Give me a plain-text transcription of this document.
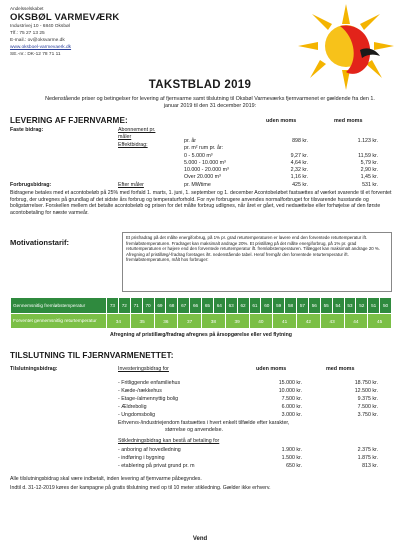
Andelsselskabet
OKSBØL VARMEVÆRK
Industrivej 10 - 6840 Oksbøl
Tlf.: 75 27 13 25
E-mail.: ov@oksvarme.dk
www.oksboel-varmevaerk.dk
SE.-nr.: DK-12 78 71 11
TAKSTBLAD 2019
Nedenstående priser og betingelser for levering af fjernvarme samt tilslutning til Oksbøl Varmeværks fjernvarmenet er gældende fra den 1. januar 2019 til den 31 december 2019:
LEVERING AF FJERNVARME:	uden moms	med moms
Faste bidrag:	Abonnement pr.
måler
pr. år	898 kr.	1.123 kr.
Effektbidrag:	pr. m² rum pr. år:
0 - 5.000 m³	9,27 kr.	11,59 kr.
5.000 - 10.000 m³	4,64 kr.	5,79 kr.
10.000 - 20.000 m³	2,32 kr.	2,90 kr.
Over 20.000 m³	1,16 kr.	1,45 kr.
Forbrugsbidrag:	Efter måler	pr. MWtime	425 kr.	531 kr.
Bidragene betales med et acontobeløb på 25% med forfald 1. marts, 1. juni, 1. september og 1. december Acontobeløbet fastsættes af værket svarende til et forventet forbrug, der udregnes på grundlag af det sidste års forbrug og temperaturforhold. For nye forbrugere anvendes normalforbruget for tilsvarende husstande og boligstørrelser. Forskellen mellem det betalte acontobeløb og prisen for det målte forbrug udlignes, når året er gået, ved nedsættelse eller forhøjelse af den første acontobetaling for næste varmeår.
Motivationstarif:
Et prisfradrag på det målte energiforbrug, på 1% pr. grad returtemperaturen er lavere end den forventede returtemperatur ift. fremløbstemperaturen. Fradraget kan maksimalt andrage 20%. Et pristillæg på det målte energiforbrug, på 1% pr. grad returtemperaturen er højere end den forventede returtemperatur ift. fremløbstemperaturen. Tillægget kan maksimalt andrage 20 %. Afregning af pristillæg/-fradrag foretages iht. nedenstående tabel. Heraf fremgår den forventede returtemperatur ift. fremløbstemperaturen, målt hos forbruger:
Gennemsnitlig fremløbstemperatur	73	72	71	70	69	68	67	66	65	64	63	62	61	60	59	58	57	56	55	54	53	52	51	50
Forventet gennemsnitlig returtemperatur	34		35		36		37		38		39		40		41		42		43		44		45	
Afregning af pristillæg/fradrag afregnes på årsopgørelse eller ved flytning
TILSLUTNING TIL FJERNVARMENETTET:
Tilslutningsbidrag:	Investeringsbidrag for	uden moms	med moms
- Fritliggende enfamiliehus	15.000 kr.	18.750 kr.
- Kæde-/rækkehus	10.000 kr.	12.500 kr.
- Etage-/almennyttig bolig	7.500 kr.	9.375 kr.
- Ældrebolig	6.000 kr.	7.500 kr.
- Ungdomsbolig	3.000 kr.	3.750 kr.
Erhvervs-/industriejendom fastsættes i hvert enkelt tilfælde efter karakter,
størrelse og anvendelse.
Stikledningsbidrag kan bestå af betaling for
- anboring af hovedledning	1.900 kr.	2.375 kr.
- indføring i bygning	1.500 kr.	1.875 kr.
- etablering på privat grund pr. m	650 kr.	813 kr.
Alle tilslutningsbidrag skal være indbetalt, inden levering af fjernvarme påbegyndes.
Indtil d. 31-12-2019 køres der kampagne på gratis tilslutning med op til 10 meter stikledning. Gælder ikke erhverv.
Vend
